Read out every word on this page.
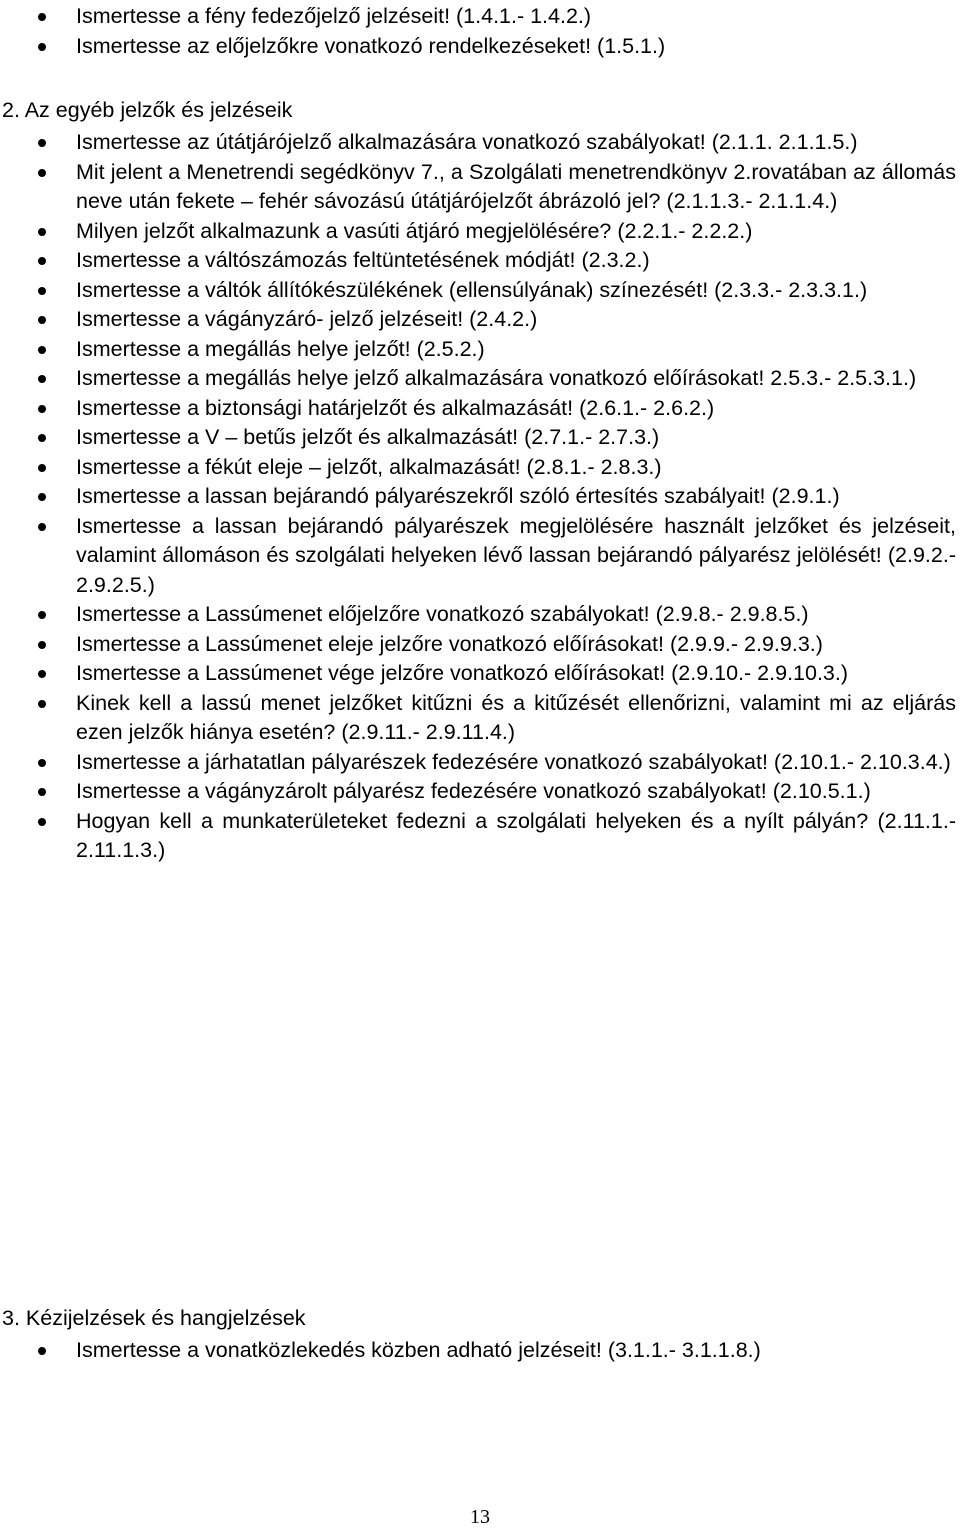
Ismertesse a fény fedezőjelző jelzéseit! (1.4.1.- 1.4.2.)
Ismertesse az előjelzőkre vonatkozó rendelkezéseket! (1.5.1.)
2. Az egyéb jelzők és jelzéseik
Ismertesse az útátjárójelző alkalmazására vonatkozó szabályokat! (2.1.1. 2.1.1.5.)
Mit jelent a Menetrendi segédkönyv 7., a Szolgálati menetrendkönyv 2.rovatában az állomás neve után fekete – fehér sávozású útátjárójelzőt ábrázoló jel? (2.1.1.3.- 2.1.1.4.)
Milyen jelzőt alkalmazunk a vasúti átjáró megjelölésére? (2.2.1.- 2.2.2.)
Ismertesse a váltószámozás feltüntetésének módját! (2.3.2.)
Ismertesse a váltók állítókészülékének (ellensúlyának) színezését! (2.3.3.- 2.3.3.1.)
Ismertesse a vágányzáró- jelző jelzéseit! (2.4.2.)
Ismertesse a megállás helye jelzőt! (2.5.2.)
Ismertesse a megállás helye jelző alkalmazására vonatkozó előírásokat! 2.5.3.- 2.5.3.1.)
Ismertesse a biztonsági határjelzőt és alkalmazását! (2.6.1.- 2.6.2.)
Ismertesse a V – betűs jelzőt és alkalmazását! (2.7.1.- 2.7.3.)
Ismertesse a fékút eleje – jelzőt, alkalmazását! (2.8.1.- 2.8.3.)
Ismertesse a lassan bejárandó pályarészekről szóló értesítés szabályait! (2.9.1.)
Ismertesse a lassan bejárandó pályarészek megjelölésére használt jelzőket és jelzéseit, valamint állomáson és szolgálati helyeken lévő lassan bejárandó pályarész jelölését! (2.9.2.- 2.9.2.5.)
Ismertesse a Lassúmenet előjelzőre vonatkozó szabályokat! (2.9.8.- 2.9.8.5.)
Ismertesse a Lassúmenet eleje jelzőre vonatkozó előírásokat! (2.9.9.- 2.9.9.3.)
Ismertesse a Lassúmenet vége jelzőre vonatkozó előírásokat! (2.9.10.- 2.9.10.3.)
Kinek kell a lassú menet jelzőket kitűzni és a kitűzését ellenőrizni, valamint mi az eljárás ezen jelzők hiánya esetén? (2.9.11.- 2.9.11.4.)
Ismertesse a járhatatlan pályarészek fedezésére vonatkozó szabályokat! (2.10.1.- 2.10.3.4.)
Ismertesse a vágányzárolt pályarész fedezésére vonatkozó szabályokat! (2.10.5.1.)
Hogyan kell a munkaterületeket fedezni a szolgálati helyeken és a nyílt pályán? (2.11.1.- 2.11.1.3.)
3. Kézijelzések és hangjelzések
Ismertesse a vonatközlekedés közben adható jelzéseit! (3.1.1.- 3.1.1.8.)
13
